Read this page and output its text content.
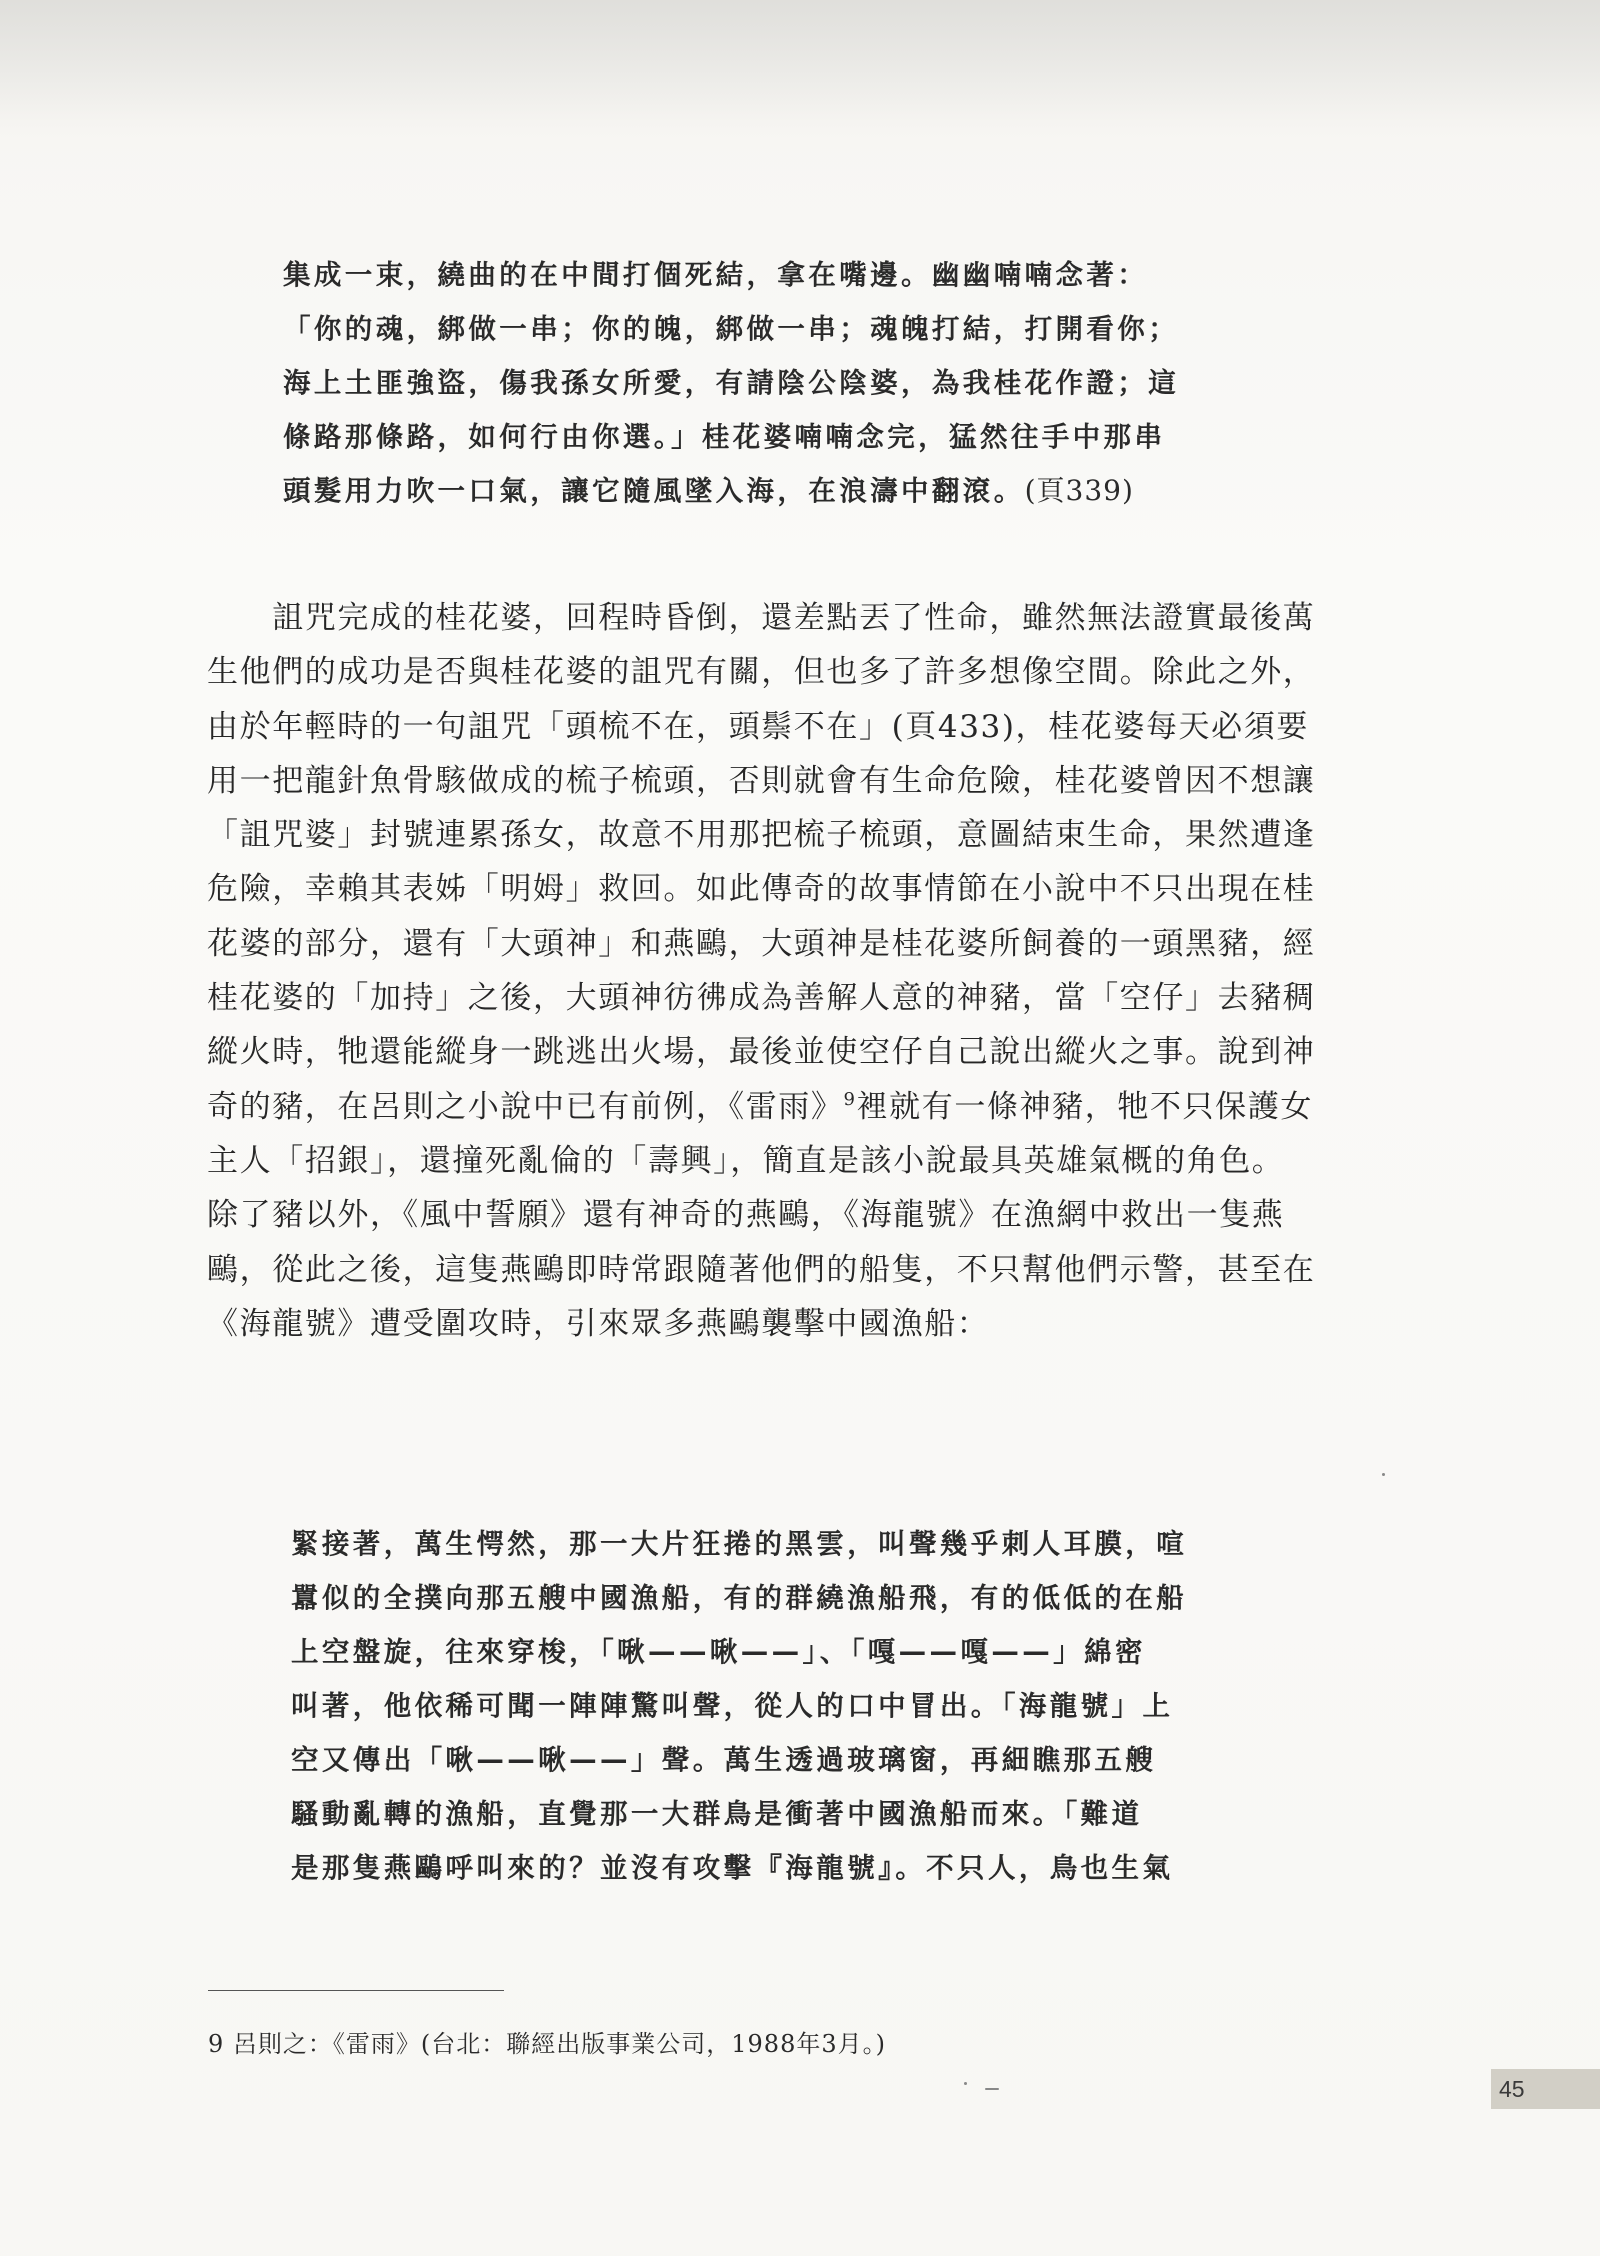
集成一束，繞曲的在中間打個死結，拿在嘴邊。幽幽喃喃念著：
「你的魂，綁做一串；你的魄，綁做一串；魂魄打結，打開看你；
海上土匪強盜，傷我孫女所愛，有請陰公陰婆，為我桂花作證；這
條路那條路，如何行由你選。」桂花婆喃喃念完，猛然往手中那串
頭髮用力吹一口氣，讓它隨風墜入海，在浪濤中翻滾。(頁339)
　　詛咒完成的桂花婆，回程時昏倒，還差點丟了性命，雖然無法證實最後萬
生他們的成功是否與桂花婆的詛咒有關，但也多了許多想像空間。除此之外，
由於年輕時的一句詛咒「頭梳不在，頭鬃不在」(頁433)，桂花婆每天必須要
用一把龍針魚骨駭做成的梳子梳頭，否則就會有生命危險，桂花婆曾因不想讓
「詛咒婆」封號連累孫女，故意不用那把梳子梳頭，意圖結束生命，果然遭逢
危險，幸賴其表姊「明姆」救回。如此傳奇的故事情節在小說中不只出現在桂
花婆的部分，還有「大頭神」和燕鷗，大頭神是桂花婆所飼養的一頭黑豬，經
桂花婆的「加持」之後，大頭神彷彿成為善解人意的神豬，當「空仔」去豬稠
縱火時，牠還能縱身一跳逃出火場，最後並使空仔自己說出縱火之事。說到神
奇的豬，在呂則之小說中已有前例，《雷雨》$^9$裡就有一條神豬，牠不只保護女
主人「招銀」，還撞死亂倫的「壽興」，簡直是該小說最具英雄氣概的角色。
除了豬以外，《風中誓願》還有神奇的燕鷗，《海龍號》在漁網中救出一隻燕
鷗，從此之後，這隻燕鷗即時常跟隨著他們的船隻，不只幫他們示警，甚至在
《海龍號》遭受圍攻時，引來眾多燕鷗襲擊中國漁船：
緊接著，萬生愕然，那一大片狂捲的黑雲，叫聲幾乎刺人耳膜，喧
囂似的全撲向那五艘中國漁船，有的群繞漁船飛，有的低低的在船
上空盤旋，往來穿梭，「啾——啾——」、「嘎——嘎——」綿密
叫著，他依稀可聞一陣陣驚叫聲，從人的口中冒出。「海龍號」上
空又傳出「啾——啾——」聲。萬生透過玻璃窗，再細瞧那五艘
騷動亂轉的漁船，直覺那一大群鳥是衝著中國漁船而來。「難道
是那隻燕鷗呼叫來的？並沒有攻擊『海龍號』。不只人，鳥也生氣
9 呂則之：《雷雨》(台北：聯經出版事業公司，1988年3月。)
45
